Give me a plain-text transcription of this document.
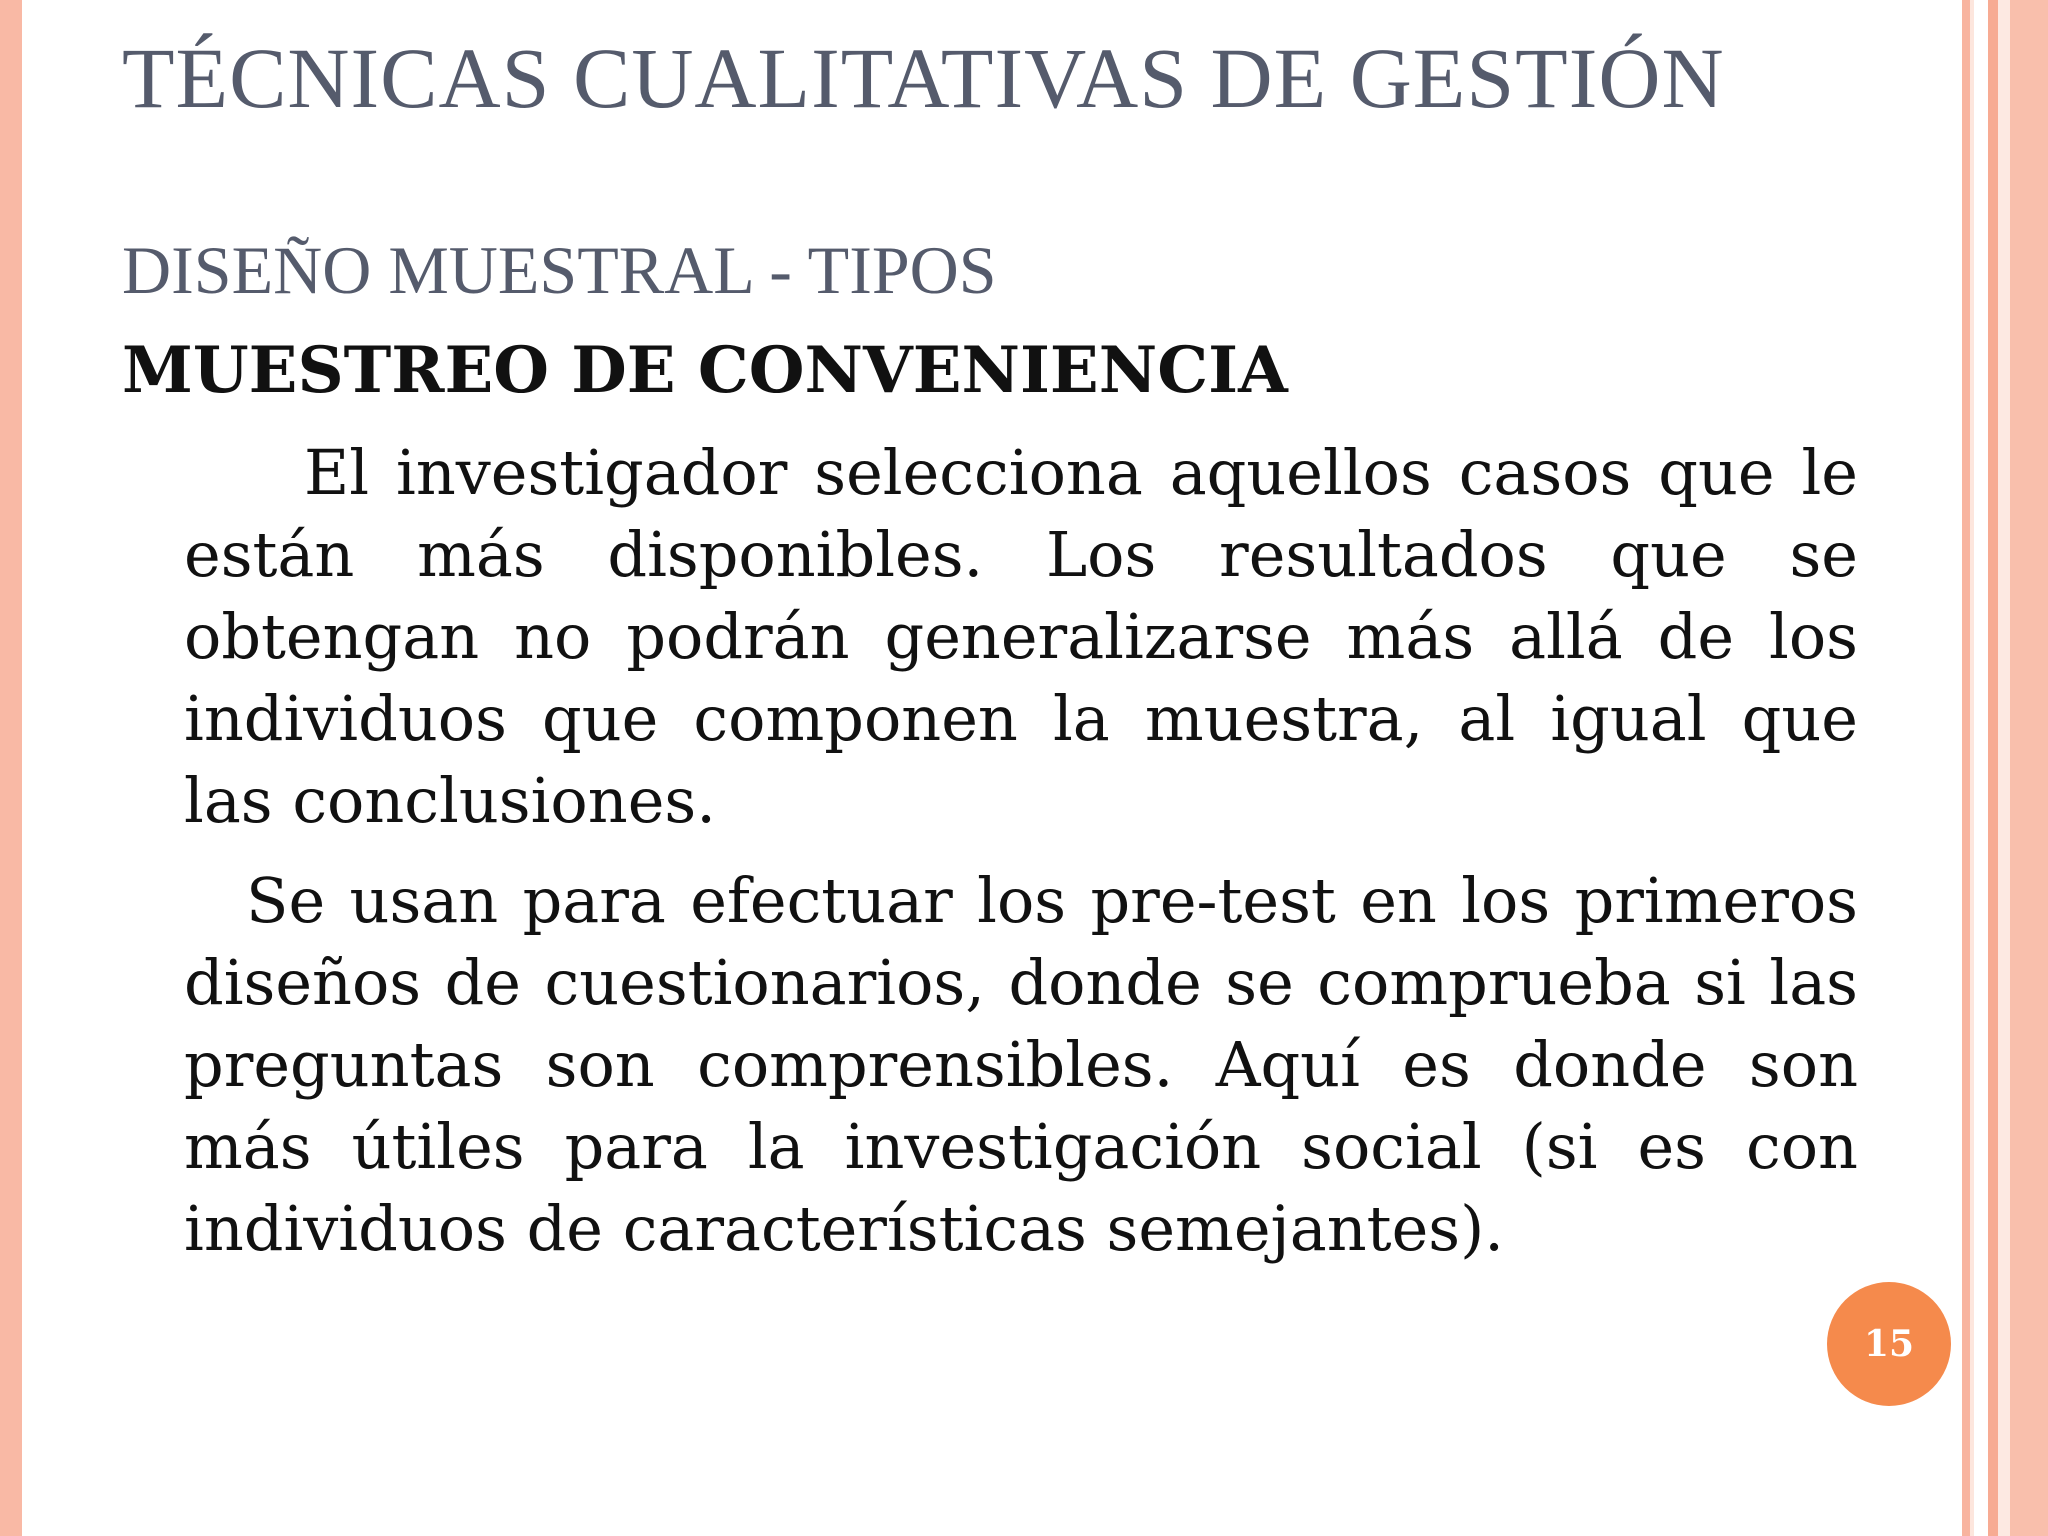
TÉCNICAS CUALITATIVAS DE GESTIÓN
DISEÑO MUESTRAL - TIPOS
MUESTREO DE CONVENIENCIA

El investigador selecciona aquellos casos que le están más disponibles. Los resultados que se obtengan no podrán generalizarse más allá de los individuos que componen la muestra, al igual que las conclusiones.

Se usan para efectuar los pre-test en los primeros diseños de cuestionarios, donde se comprueba si las preguntas son comprensibles. Aquí es donde son más útiles para la investigación social (si es con individuos de características semejantes).

15
